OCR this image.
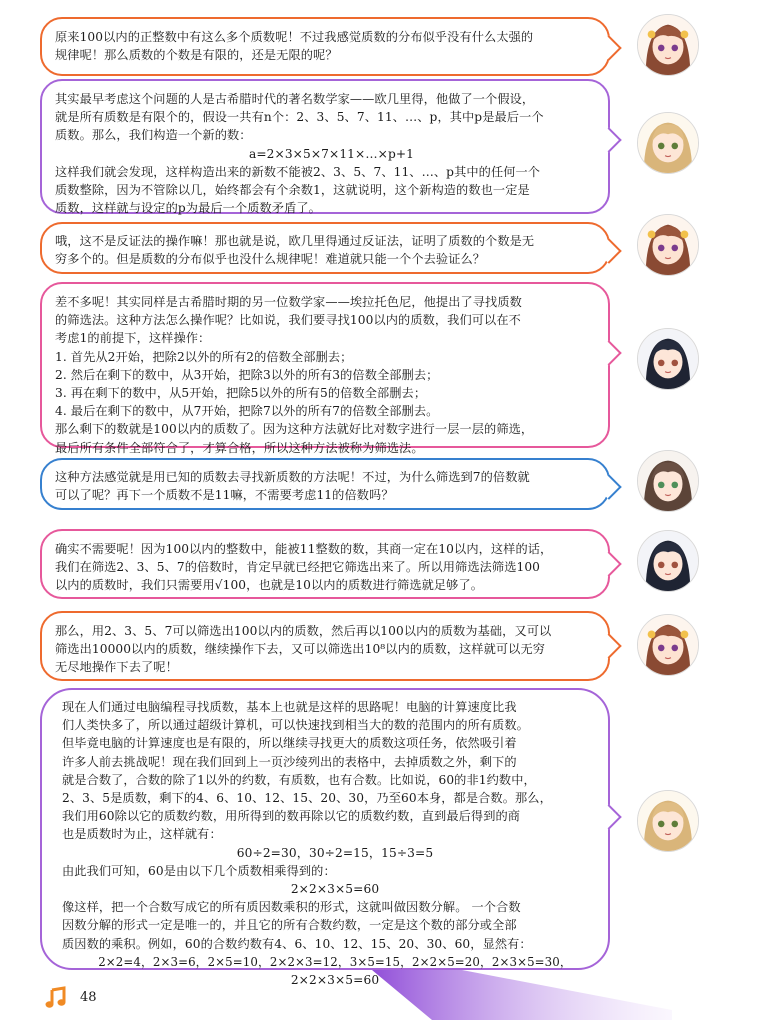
原来100以内的正整数中有这么多个质数呢！不过我感觉质数的分布似乎没有什么太强的
规律呢！那么质数的个数是有限的，还是无限的呢？
其实最早考虑这个问题的人是古希腊时代的著名数学家——欧几里得，他做了一个假设，
就是所有质数是有限个的，假设一共有n个：2、3、5、7、11、…、p，其中p是最后一个
质数。那么，我们构造一个新的数：
a=2×3×5×7×11×…×p+1
这样我们就会发现，这样构造出来的新数不能被2、3、5、7、11、…、p其中的任何一个
质数整除，因为不管除以几，始终都会有个余数1，这就说明，这个新构造的数也一定是
质数，这样就与设定的p为最后一个质数矛盾了。
哦，这不是反证法的操作嘛！那也就是说，欧几里得通过反证法，证明了质数的个数是无
穷多个的。但是质数的分布似乎也没什么规律呢！难道就只能一个个去验证么？
差不多呢！其实同样是古希腊时期的另一位数学家——埃拉托色尼，他提出了寻找质数
的筛选法。这种方法怎么操作呢？比如说，我们要寻找100以内的质数，我们可以在不
考虑1的前提下，这样操作：
1. 首先从2开始，把除2以外的所有2的倍数全部删去；
2. 然后在剩下的数中，从3开始，把除3以外的所有3的倍数全部删去；
3. 再在剩下的数中，从5开始，把除5以外的所有5的倍数全部删去；
4. 最后在剩下的数中，从7开始，把除7以外的所有7的倍数全部删去。
那么剩下的数就是100以内的质数了。因为这种方法就好比对数字进行一层一层的筛选，
最后所有条件全部符合了，才算合格，所以这种方法被称为筛选法。
这种方法感觉就是用已知的质数去寻找新质数的方法呢！不过，为什么筛选到7的倍数就
可以了呢？再下一个质数不是11嘛，不需要考虑11的倍数吗？
确实不需要呢！因为100以内的整数中，能被11整数的数，其商一定在10以内，这样的话，
我们在筛选2、3、5、7的倍数时，肯定早就已经把它筛选出来了。所以用筛选法筛选100
以内的质数时，我们只需要用√100，也就是10以内的质数进行筛选就足够了。
那么，用2、3、5、7可以筛选出100以内的质数，然后再以100以内的质数为基础，又可以
筛选出10000以内的质数，继续操作下去，又可以筛选出10⁸以内的质数，这样就可以无穷
无尽地操作下去了呢！
现在人们通过电脑编程寻找质数，基本上也就是这样的思路呢！电脑的计算速度比我
们人类快多了，所以通过超级计算机，可以快速找到相当大的数的范围内的所有质数。
但毕竟电脑的计算速度也是有限的，所以继续寻找更大的质数这项任务，依然吸引着
许多人前去挑战呢！现在我们回到上一页沙绫列出的表格中，去掉质数之外，剩下的
就是合数了，合数的除了1以外的约数，有质数，也有合数。比如说，60的非1约数中，
2、3、5是质数，剩下的4、6、10、12、15、20、30，乃至60本身，都是合数。那么，
我们用60除以它的质数约数，用所得到的数再除以它的质数约数，直到最后得到的商
也是质数时为止，这样就有：
60÷2=30，30÷2=15，15÷3=5
由此我们可知，60是由以下几个质数相乘得到的：
2×2×3×5=60
像这样，把一个合数写成它的所有质因数乘积的形式，这就叫做因数分解。 一个合数
因数分解的形式一定是唯一的，并且它的所有合数约数，一定是这个数的部分或全部
质因数的乘积。例如，60的合数约数有4、6、10、12、15、20、30、60，显然有：
2×2=4，2×3=6，2×5=10，2×2×3=12，3×5=15，2×2×5=20，2×3×5=30，
2×2×3×5=60
48
